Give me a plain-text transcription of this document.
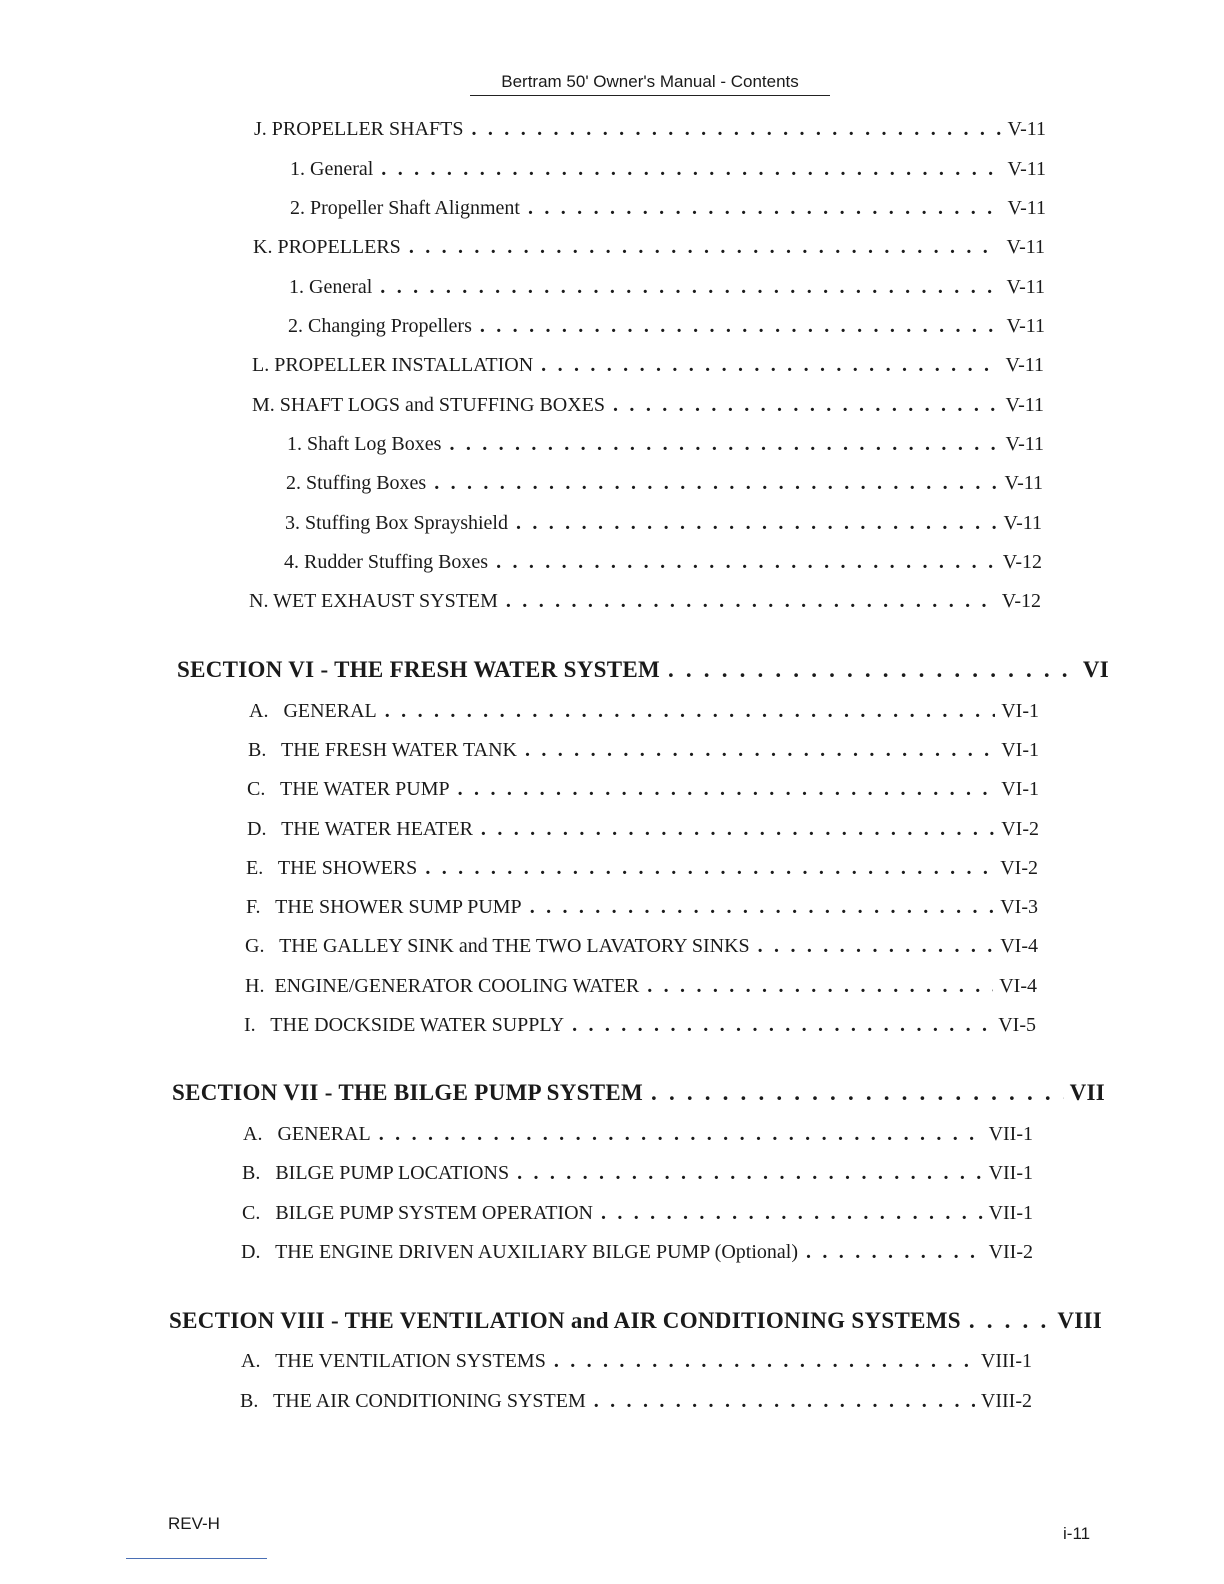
Bertram 50' Owner's Manual - Contents
J. PROPELLER SHAFTS . . .	V-11
1. General . . .	V-11
2. Propeller Shaft Alignment . . .	V-11
K. PROPELLERS . . .	V-11
1. General . . .	V-11
2. Changing Propellers . . .	V-11
L. PROPELLER INSTALLATION . . .	V-11
M. SHAFT LOGS and STUFFING BOXES . . .	V-11
1. Shaft Log Boxes . . .	V-11
2. Stuffing Boxes . . .	V-11
3. Stuffing Box Sprayshield . . .	V-11
4. Rudder Stuffing Boxes . . .	V-12
N. WET EXHAUST SYSTEM . . .	V-12
SECTION VI - THE FRESH WATER SYSTEM . . .	VI
A.   GENERAL . . .	VI-1
B.   THE FRESH WATER TANK . . .	VI-1
C.   THE WATER PUMP . . .	VI-1
D.   THE WATER HEATER . . .	VI-2
E.   THE SHOWERS . . .	VI-2
F.   THE SHOWER SUMP PUMP . . .	VI-3
G.   THE GALLEY SINK and THE TWO LAVATORY SINKS . . .	VI-4
H.  ENGINE/GENERATOR COOLING WATER . . .	VI-4
I.   THE DOCKSIDE WATER SUPPLY . . .	VI-5
SECTION VII - THE BILGE PUMP SYSTEM . . .	VII
A.   GENERAL . . .	VII-1
B.   BILGE PUMP LOCATIONS . . .	VII-1
C.   BILGE PUMP SYSTEM OPERATION . . .	VII-1
D.   THE ENGINE DRIVEN AUXILIARY BILGE PUMP (Optional) . . .	VII-2
SECTION VIII - THE VENTILATION and AIR CONDITIONING SYSTEMS . . .	VIII
A.   THE VENTILATION SYSTEMS . . .	VIII-1
B.   THE AIR CONDITIONING SYSTEM . . .	VIII-2
REV-H
i-11
